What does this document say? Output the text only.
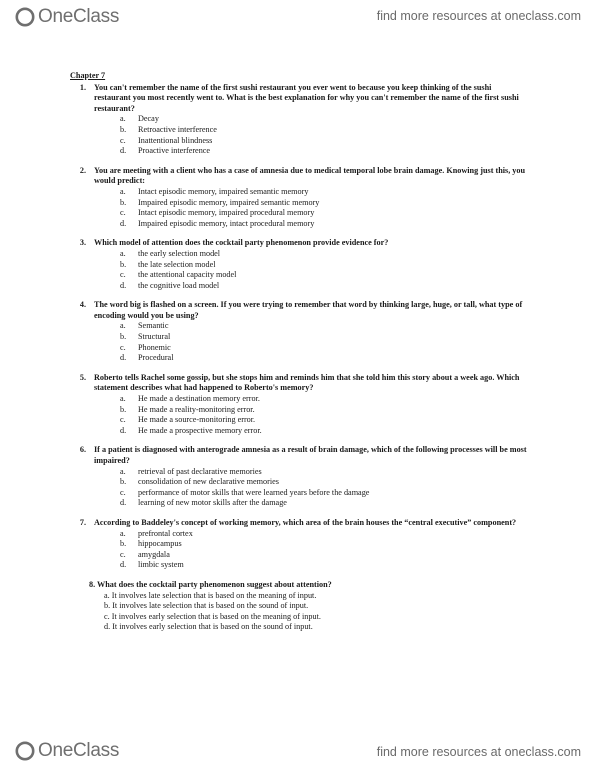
OneClass	find more resources at oneclass.com
Chapter 7
1. You can't remember the name of the first sushi restaurant you ever went to because you keep thinking of the sushi restaurant you most recently went to. What is the best explanation for why you can't remember the name of the first sushi restaurant?
a.	Decay
b.	Retroactive interference
c.	Inattentional blindness
d.	Proactive interference
2. You are meeting with a client who has a case of amnesia due to medical temporal lobe brain damage. Knowing just this, you would predict:
a.	Intact episodic memory, impaired semantic memory
b.	Impaired episodic memory, impaired semantic memory
c.	Intact episodic memory, impaired procedural memory
d.	Impaired episodic memory, intact procedural memory
3. Which model of attention does the cocktail party phenomenon provide evidence for?
a.	the early selection model
b.	the late selection model
c.	the attentional capacity model
d.	the cognitive load model
4. The word big is flashed on a screen. If you were trying to remember that word by thinking large, huge, or tall, what type of encoding would you be using?
a.	Semantic
b.	Structural
c.	Phonemic
d.	Procedural
5. Roberto tells Rachel some gossip, but she stops him and reminds him that she told him this story about a week ago. Which statement describes what had happened to Roberto's memory?
a.	He made a destination memory error.
b.	He made a reality-monitoring error.
c.	He made a source-monitoring error.
d.	He made a prospective memory error.
6. If a patient is diagnosed with anterograde amnesia as a result of brain damage, which of the following processes will be most impaired?
a.	retrieval of past declarative memories
b.	consolidation of new declarative memories
c.	performance of motor skills that were learned years before the damage
d.	learning of new motor skills after the damage
7. According to Baddeley's concept of working memory, which area of the brain houses the “central executive” component?
a.	prefrontal cortex
b.	hippocampus
c.	amygdala
d.	limbic system
8. What does the cocktail party phenomenon suggest about attention?
a. It involves late selection that is based on the meaning of input.
b. It involves late selection that is based on the sound of input.
c. It involves early selection that is based on the meaning of input.
d. It involves early selection that is based on the sound of input.
OneClass	find more resources at oneclass.com
